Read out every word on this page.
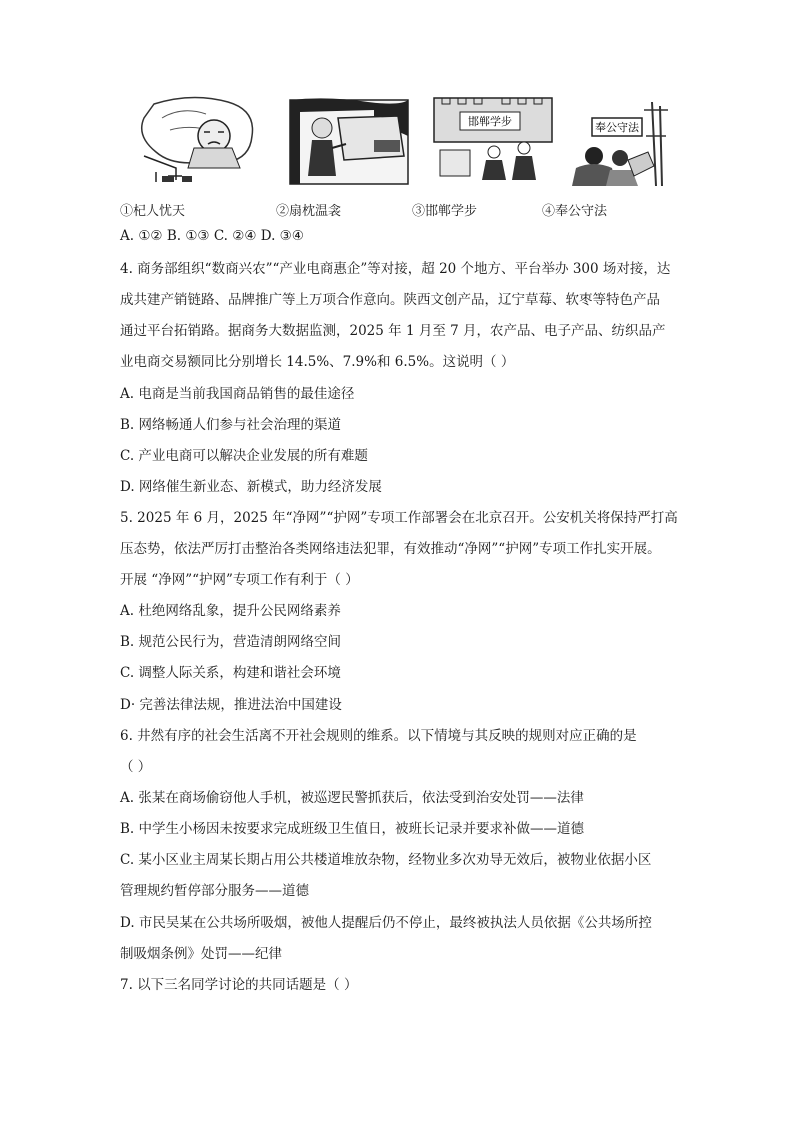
邯郸学步	奉公守法
①杞人忧天	②扇枕温衾	③邯郸学步	④奉公守法
A. ①② B. ①③ C. ②④ D. ③④
4. 商务部组织“数商兴农”“产业电商惠企”等对接，超 20 个地方、平台举办 300 场对接，达
成共建产销链路、品牌推广等上万项合作意向。陕西文创产品，辽宁草莓、软枣等特色产品
通过平台拓销路。据商务大数据监测，2025 年 1 月至 7 月，农产品、电子产品、纺织品产
业电商交易额同比分别增长 14.5%、7.9%和 6.5%。这说明（ ）
A. 电商是当前我国商品销售的最佳途径
B. 网络畅通人们参与社会治理的渠道
C. 产业电商可以解决企业发展的所有难题
D. 网络催生新业态、新模式，助力经济发展
5. 2025 年 6 月，2025 年“净网”“护网”专项工作部署会在北京召开。公安机关将保持严打高
压态势，依法严厉打击整治各类网络违法犯罪，有效推动“净网”“护网”专项工作扎实开展。
开展 “净网”“护网”专项工作有利于（ ）
A. 杜绝网络乱象，提升公民网络素养
B. 规范公民行为，营造清朗网络空间
C. 调整人际关系，构建和谐社会环境
D· 完善法律法规，推进法治中国建设
6. 井然有序的社会生活离不开社会规则的维系。以下情境与其反映的规则对应正确的是
（ ）
A. 张某在商场偷窃他人手机，被巡逻民警抓获后，依法受到治安处罚——法律
B. 中学生小杨因未按要求完成班级卫生值日，被班长记录并要求补做——道德
C. 某小区业主周某长期占用公共楼道堆放杂物，经物业多次劝导无效后，被物业依据小区
管理规约暂停部分服务——道德
D. 市民吴某在公共场所吸烟，被他人提醒后仍不停止，最终被执法人员依据《公共场所控
制吸烟条例》处罚——纪律
7. 以下三名同学讨论的共同话题是（ ）
